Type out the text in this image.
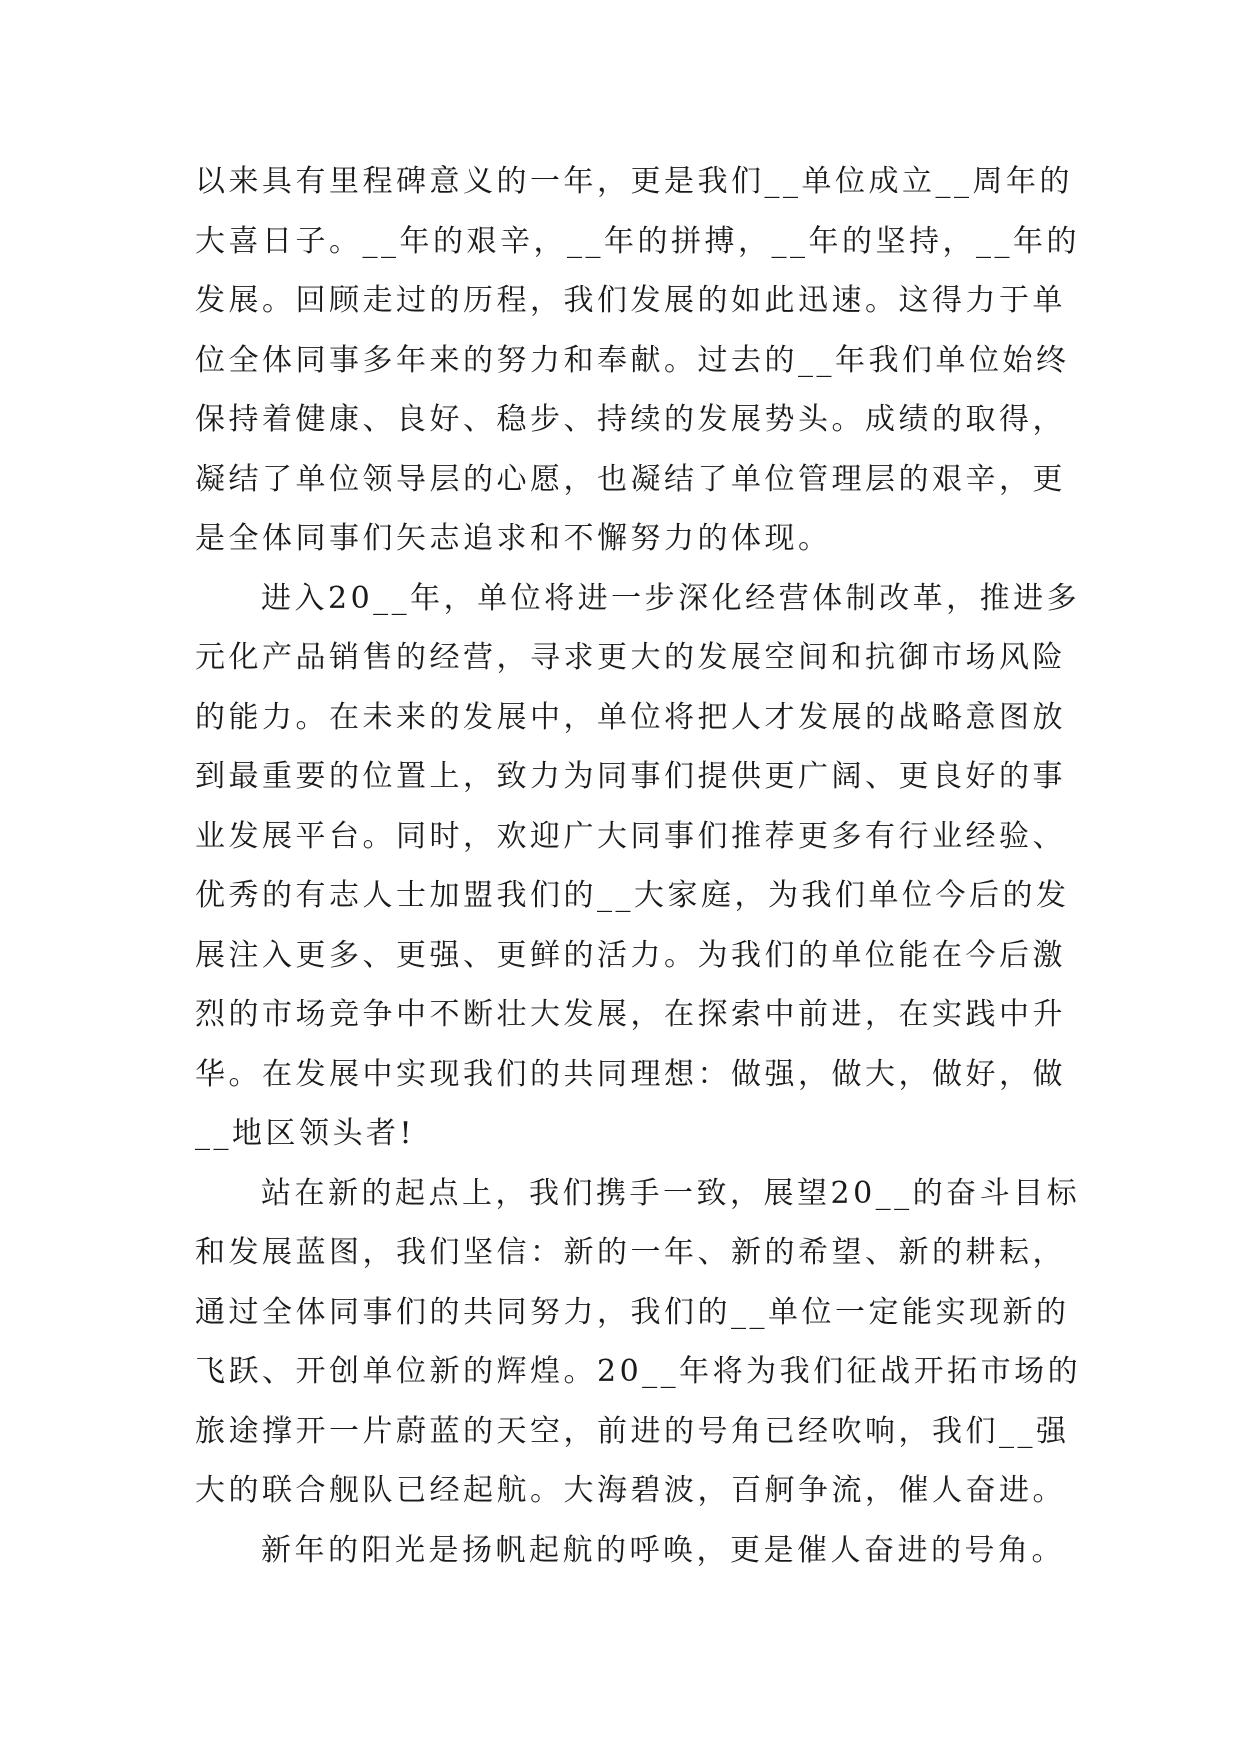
以来具有里程碑意义的一年，更是我们__单位成立__周年的
大喜日子。__年的艰辛，__年的拼搏，__年的坚持，__年的
发展。回顾走过的历程，我们发展的如此迅速。这得力于单
位全体同事多年来的努力和奉献。过去的__年我们单位始终
保持着健康、良好、稳步、持续的发展势头。成绩的取得，
凝结了单位领导层的心愿，也凝结了单位管理层的艰辛，更
是全体同事们矢志追求和不懈努力的体现。
进入20__年，单位将进一步深化经营体制改革，推进多
元化产品销售的经营，寻求更大的发展空间和抗御市场风险
的能力。在未来的发展中，单位将把人才发展的战略意图放
到最重要的位置上，致力为同事们提供更广阔、更良好的事
业发展平台。同时，欢迎广大同事们推荐更多有行业经验、
优秀的有志人士加盟我们的__大家庭，为我们单位今后的发
展注入更多、更强、更鲜的活力。为我们的单位能在今后激
烈的市场竞争中不断壮大发展，在探索中前进，在实践中升
华。在发展中实现我们的共同理想：做强，做大，做好，做
__地区领头者!
站在新的起点上，我们携手一致，展望20__的奋斗目标
和发展蓝图，我们坚信：新的一年、新的希望、新的耕耘，
通过全体同事们的共同努力，我们的__单位一定能实现新的
飞跃、开创单位新的辉煌。20__年将为我们征战开拓市场的
旅途撑开一片蔚蓝的天空，前进的号角已经吹响，我们__强
大的联合舰队已经起航。大海碧波，百舸争流，催人奋进。
新年的阳光是扬帆起航的呼唤，更是催人奋进的号角。
